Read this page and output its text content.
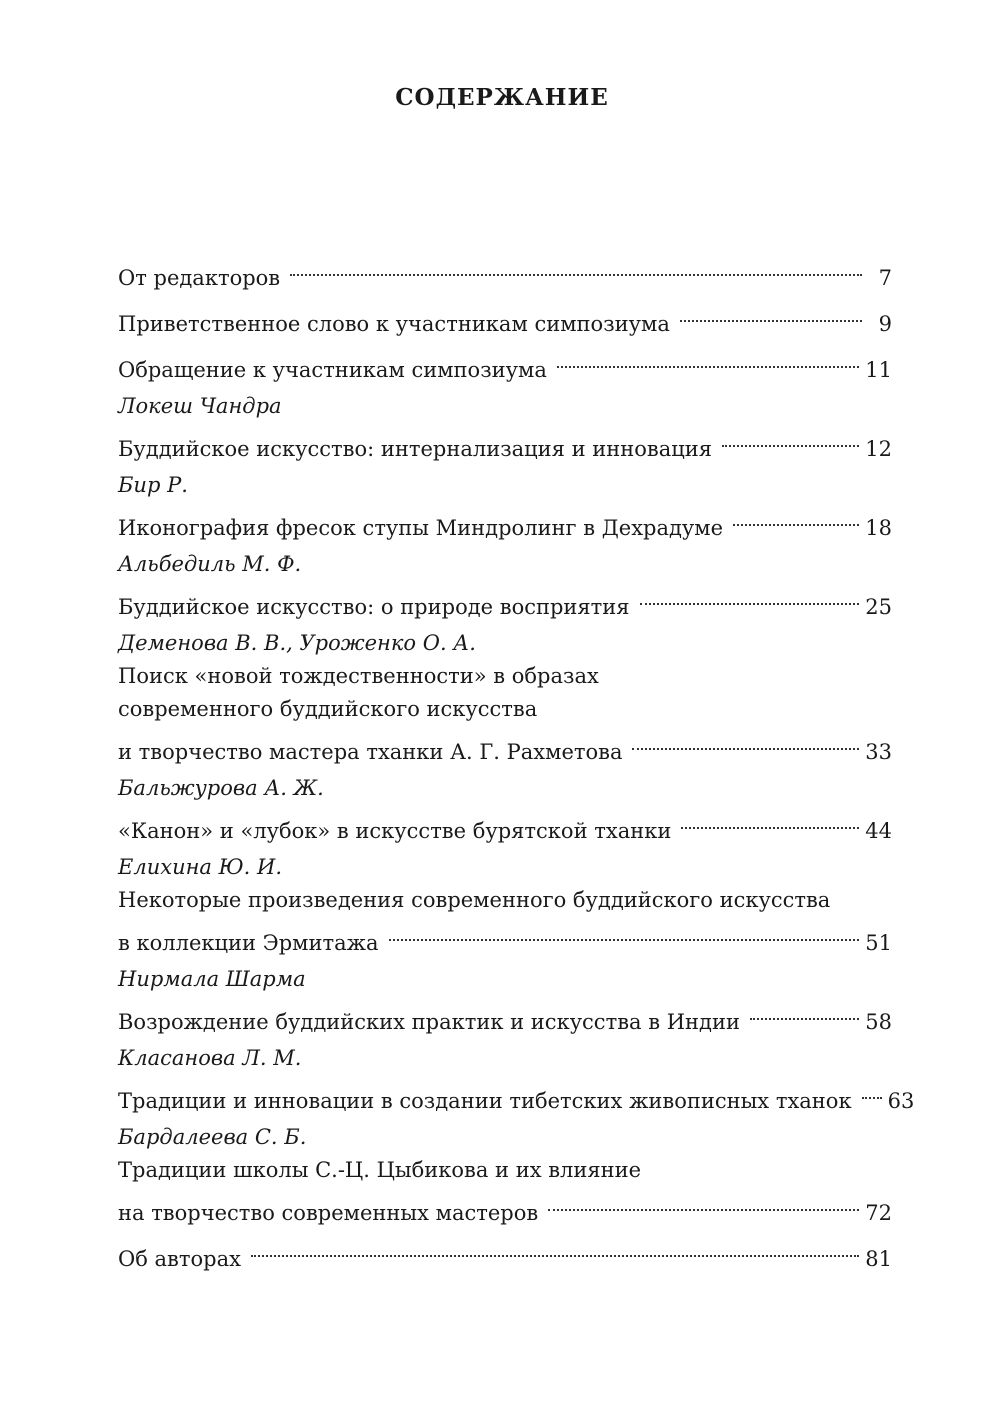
СОДЕРЖАНИЕ
От редакторов	7
Приветственное слово к участникам симпозиума	9
Обращение к участникам симпозиума	11
Локеш Чандра
Буддийское искусство: интернализация и инновация	12
Бир Р.
Иконография фресок ступы Миндролинг в Дехрадуме	18
Альбедиль М. Ф.
Буддийское искусство: о природе восприятия	25
Деменова В. В., Уроженко О. А.
Поиск «новой тождественности» в образах
современного буддийского искусства
и творчество мастера тханки А. Г. Рахметова	33
Бальжурова А. Ж.
«Канон» и «лубок» в искусстве бурятской тханки	44
Елихина Ю. И.
Некоторые произведения современного буддийского искусства
в коллекции Эрмитажа	51
Нирмала Шарма
Возрождение буддийских практик и искусства в Индии	58
Класанова Л. М.
Традиции и инновации в создании тибетских живописных тханок 63
Бардалеева С. Б.
Традиции школы С.-Ц. Цыбикова и их влияние
на творчество современных мастеров	72
Об авторах	81
